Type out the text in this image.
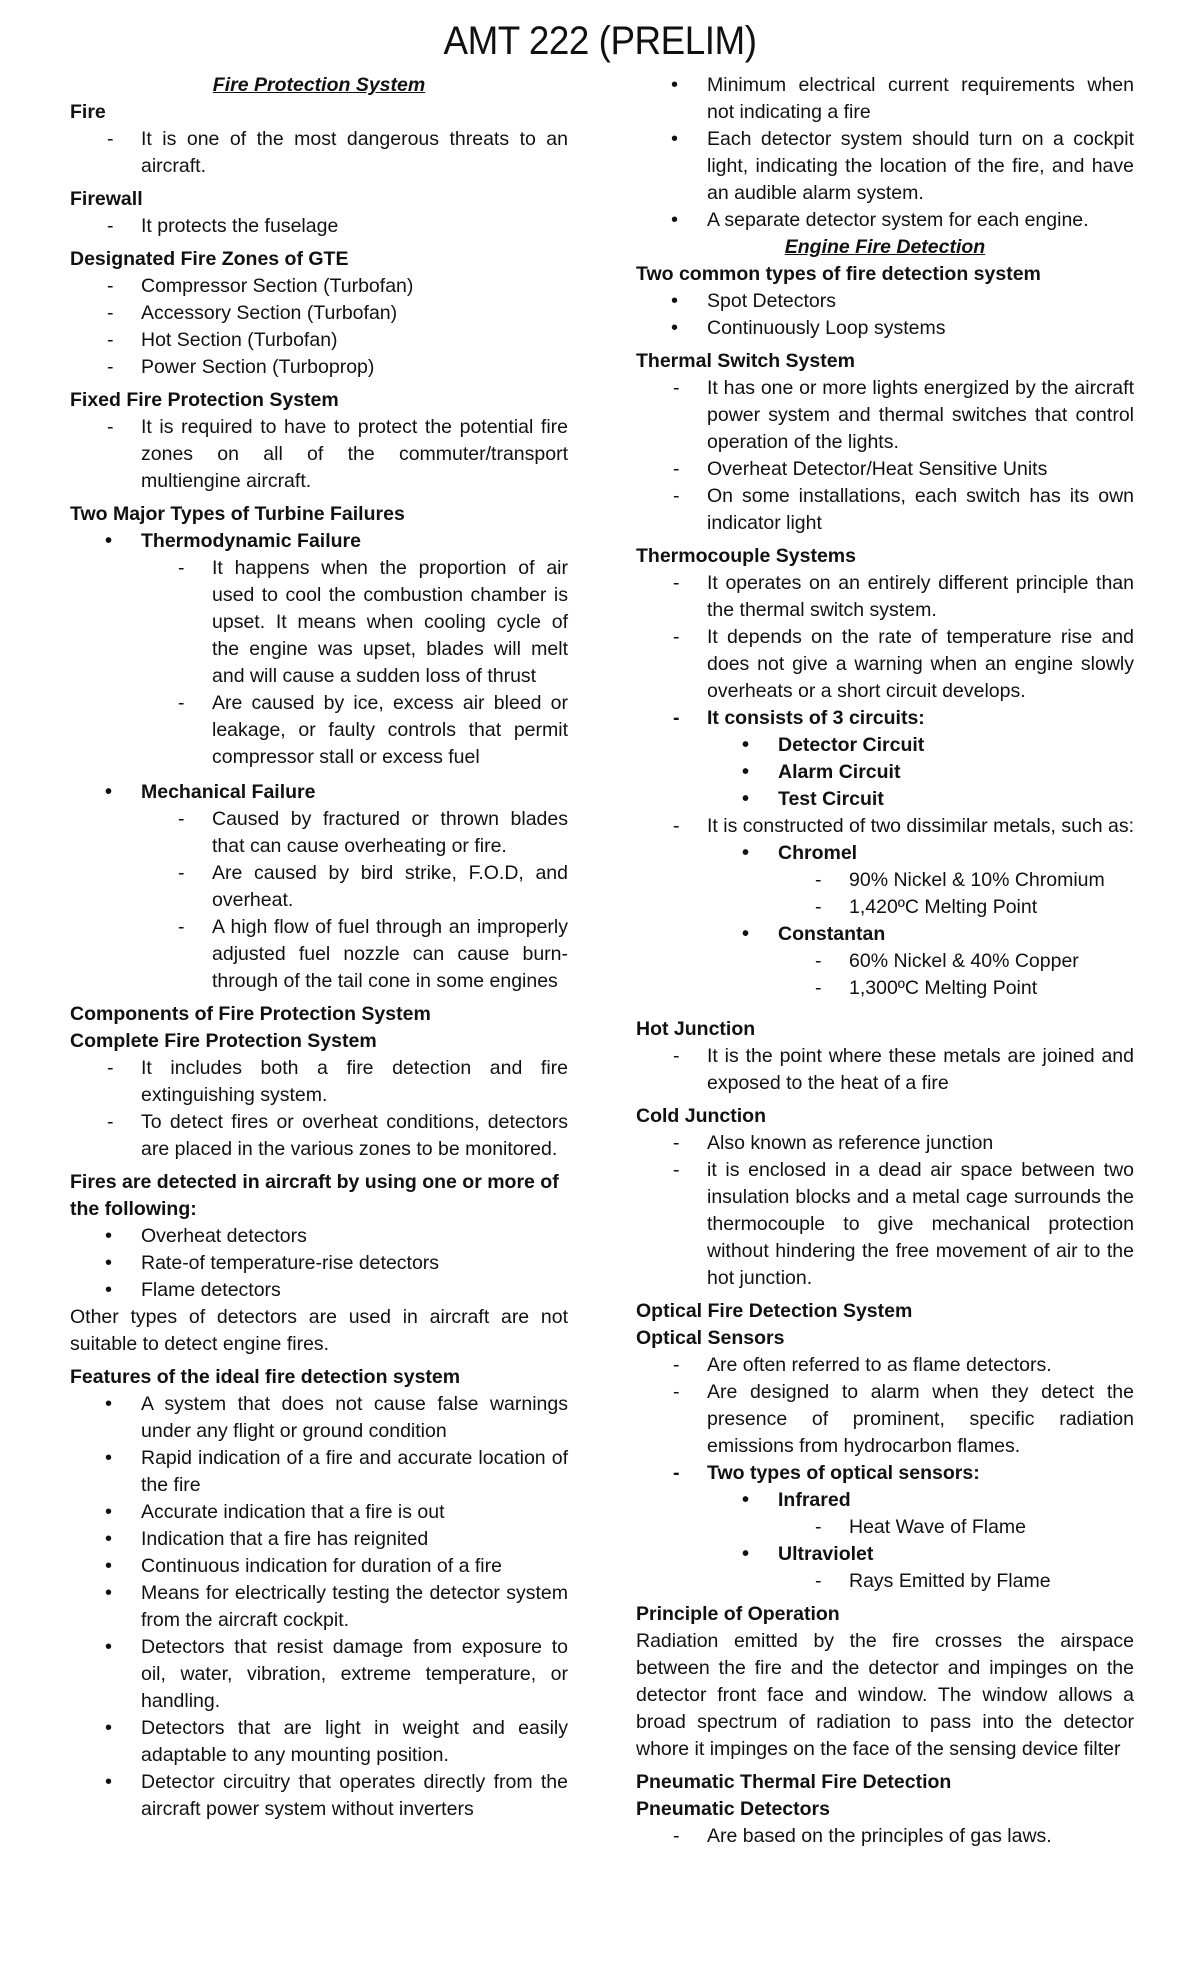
AMT 222 (PRELIM)
Fire Protection System
Fire
- It is one of the most dangerous threats to an aircraft.
Firewall
- It protects the fuselage
Designated Fire Zones of GTE
- Compressor Section (Turbofan)
- Accessory Section (Turbofan)
- Hot Section (Turbofan)
- Power Section (Turboprop)
Fixed Fire Protection System
- It is required to have to protect the potential fire zones on all of the commuter/transport multiengine aircraft.
Two Major Types of Turbine Failures
• Thermodynamic Failure
- It happens when the proportion of air used to cool the combustion chamber is upset. It means when cooling cycle of the engine was upset, blades will melt and will cause a sudden loss of thrust
- Are caused by ice, excess air bleed or leakage, or faulty controls that permit compressor stall or excess fuel
• Mechanical Failure
- Caused by fractured or thrown blades that can cause overheating or fire.
- Are caused by bird strike, F.O.D, and overheat.
- A high flow of fuel through an improperly adjusted fuel nozzle can cause burn-through of the tail cone in some engines
Components of Fire Protection System
Complete Fire Protection System
- It includes both a fire detection and fire extinguishing system.
- To detect fires or overheat conditions, detectors are placed in the various zones to be monitored.
Fires are detected in aircraft by using one or more of the following:
• Overheat detectors
• Rate-of temperature-rise detectors
• Flame detectors
Other types of detectors are used in aircraft are not suitable to detect engine fires.
Features of the ideal fire detection system
• A system that does not cause false warnings under any flight or ground condition
• Rapid indication of a fire and accurate location of the fire
• Accurate indication that a fire is out
• Indication that a fire has reignited
• Continuous indication for duration of a fire
• Means for electrically testing the detector system from the aircraft cockpit.
• Detectors that resist damage from exposure to oil, water, vibration, extreme temperature, or handling.
• Detectors that are light in weight and easily adaptable to any mounting position.
• Detector circuitry that operates directly from the aircraft power system without inverters
• Minimum electrical current requirements when not indicating a fire
• Each detector system should turn on a cockpit light, indicating the location of the fire, and have an audible alarm system.
• A separate detector system for each engine.
Engine Fire Detection
Two common types of fire detection system
• Spot Detectors
• Continuously Loop systems
Thermal Switch System
- It has one or more lights energized by the aircraft power system and thermal switches that control operation of the lights.
- Overheat Detector/Heat Sensitive Units
- On some installations, each switch has its own indicator light
Thermocouple Systems
- It operates on an entirely different principle than the thermal switch system.
- It depends on the rate of temperature rise and does not give a warning when an engine slowly overheats or a short circuit develops.
- It consists of 3 circuits:
• Detector Circuit
• Alarm Circuit
• Test Circuit
- It is constructed of two dissimilar metals, such as:
• Chromel
- 90% Nickel & 10% Chromium
- 1,420ºC Melting Point
• Constantan
- 60% Nickel & 40% Copper
- 1,300ºC Melting Point
Hot Junction
- It is the point where these metals are joined and exposed to the heat of a fire
Cold Junction
- Also known as reference junction
- it is enclosed in a dead air space between two insulation blocks and a metal cage surrounds the thermocouple to give mechanical protection without hindering the free movement of air to the hot junction.
Optical Fire Detection System
Optical Sensors
- Are often referred to as flame detectors.
- Are designed to alarm when they detect the presence of prominent, specific radiation emissions from hydrocarbon flames.
- Two types of optical sensors:
• Infrared
- Heat Wave of Flame
• Ultraviolet
- Rays Emitted by Flame
Principle of Operation
Radiation emitted by the fire crosses the airspace between the fire and the detector and impinges on the detector front face and window. The window allows a broad spectrum of radiation to pass into the detector whore it impinges on the face of the sensing device filter
Pneumatic Thermal Fire Detection
Pneumatic Detectors
- Are based on the principles of gas laws.
